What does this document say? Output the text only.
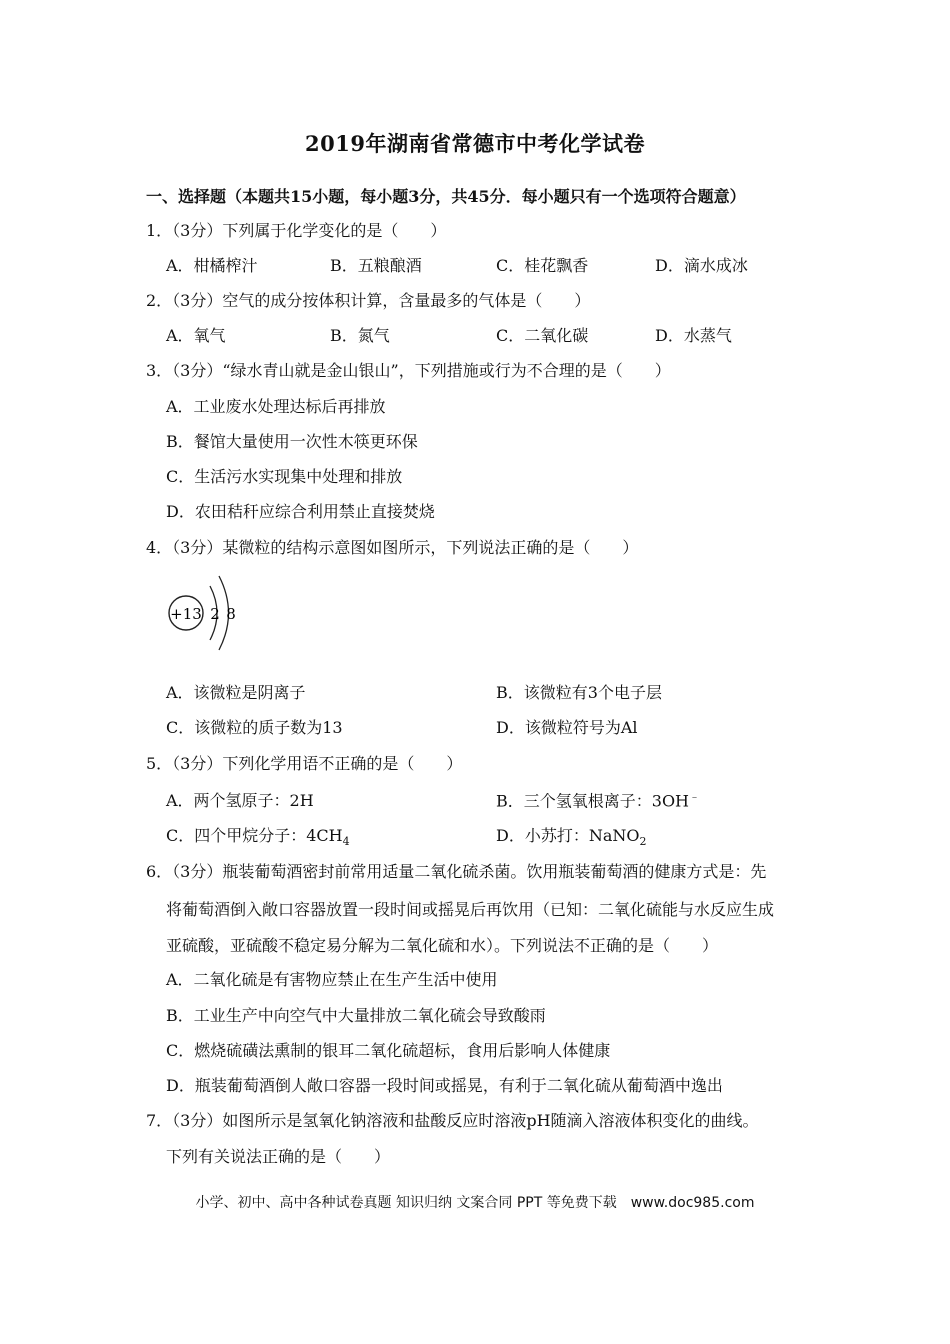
2019年湖南省常德市中考化学试卷
一、选择题（本题共15小题，每小题3分，共45分．每小题只有一个选项符合题意）
1．（3分）下列属于化学变化的是（　　）
A．柑橘榨汁	B．五粮酿酒	C．桂花飘香	D．滴水成冰
2．（3分）空气的成分按体积计算，含量最多的气体是（　　）
A．氧气	B．氮气	C．二氧化碳	D．水蒸气
3．（3分）“绿水青山就是金山银山”，下列措施或行为不合理的是（　　）
A．工业废水处理达标后再排放
B．餐馆大量使用一次性木筷更环保
C．生活污水实现集中处理和排放
D．农田秸秆应综合利用禁止直接焚烧
4．（3分）某微粒的结构示意图如图所示，下列说法正确的是（　　）
+13 2 8
A．该微粒是阴离子	B．该微粒有3个电子层
C．该微粒的质子数为13	D．该微粒符号为Al
5．（3分）下列化学用语不正确的是（　　）
A．两个氢原子：2H	B．三个氢氧根离子：3OH﹣
C．四个甲烷分子：$4CH_4$	D．小苏打：NaNO$_2$
6．（3分）瓶装葡萄酒密封前常用适量二氧化硫杀菌。饮用瓶装葡萄酒的健康方式是：先
将葡萄酒倒入敞口容器放置一段时间或摇晃后再饮用（已知：二氧化硫能与水反应生成
亚硫酸，亚硫酸不稳定易分解为二氧化硫和水）。下列说法不正确的是（　　）
A．二氧化硫是有害物应禁止在生产生活中使用
B．工业生产中向空气中大量排放二氧化硫会导致酸雨
C．燃烧硫磺法熏制的银耳二氧化硫超标，食用后影响人体健康
D．瓶装葡萄酒倒人敞口容器一段时间或摇晃，有利于二氧化硫从葡萄酒中逸出
7．（3分）如图所示是氢氧化钠溶液和盐酸反应时溶液pH随滴入溶液体积变化的曲线。
下列有关说法正确的是（　　）
小学、初中、高中各种试卷真题 知识归纳 文案合同 PPT 等免费下载　www.doc985.com
